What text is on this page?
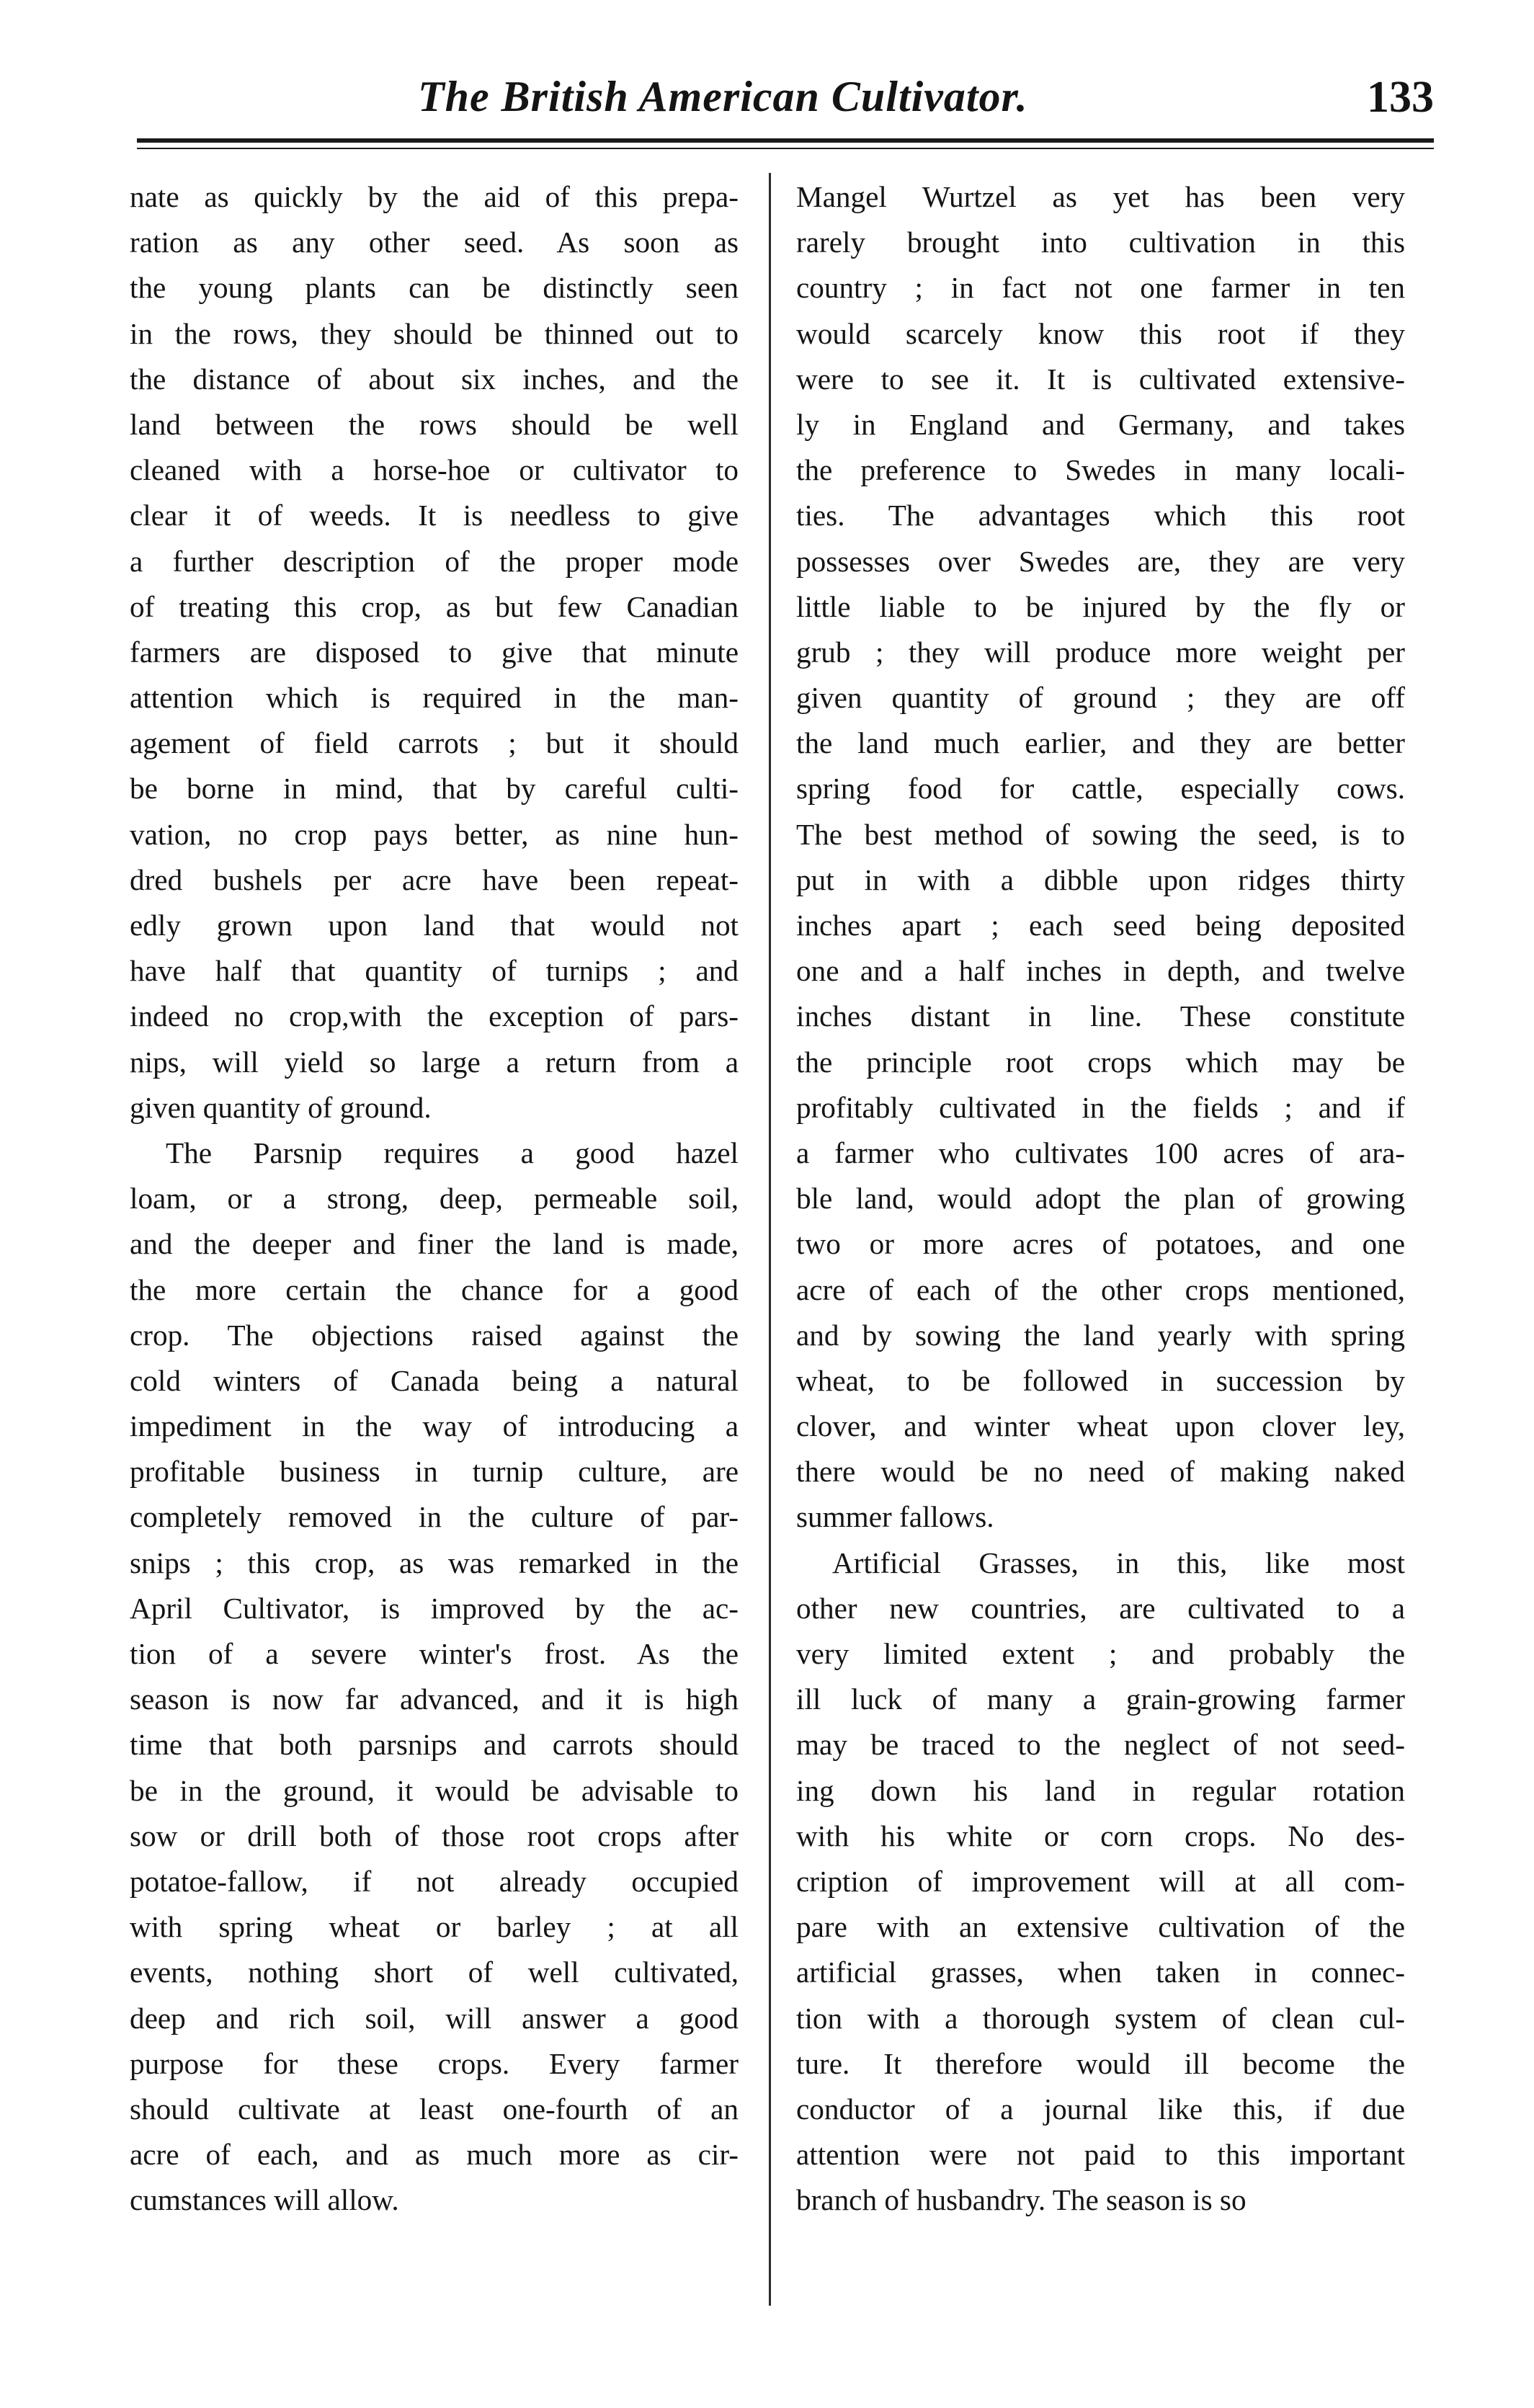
The British American Cultivator.	133
nate as quickly by the aid of this prepa-
ration as any other seed. As soon as
the young plants can be distinctly seen
in the rows, they should be thinned out to
the distance of about six inches, and the
land between the rows should be well
cleaned with a horse-hoe or cultivator to
clear it of weeds. It is needless to give
a further description of the proper mode
of treating this crop, as but few Canadian
farmers are disposed to give that minute
attention which is required in the man-
agement of field carrots ; but it should
be borne in mind, that by careful culti-
vation, no crop pays better, as nine hun-
dred bushels per acre have been repeat-
edly grown upon land that would not
have half that quantity of turnips ; and
indeed no crop,with the exception of pars-
nips, will yield so large a return from a
given quantity of ground.
The Parsnip requires a good hazel
loam, or a strong, deep, permeable soil,
and the deeper and finer the land is made,
the more certain the chance for a good
crop. The objections raised against the
cold winters of Canada being a natural
impediment in the way of introducing a
profitable business in turnip culture, are
completely removed in the culture of par-
snips ; this crop, as was remarked in the
April Cultivator, is improved by the ac-
tion of a severe winter's frost. As the
season is now far advanced, and it is high
time that both parsnips and carrots should
be in the ground, it would be advisable to
sow or drill both of those root crops after
potatoe-fallow, if not already occupied
with spring wheat or barley ; at all
events, nothing short of well cultivated,
deep and rich soil, will answer a good
purpose for these crops. Every farmer
should cultivate at least one-fourth of an
acre of each, and as much more as cir-
cumstances will allow.
Mangel Wurtzel as yet has been very
rarely brought into cultivation in this
country ; in fact not one farmer in ten
would scarcely know this root if they
were to see it. It is cultivated extensive-
ly in England and Germany, and takes
the preference to Swedes in many locali-
ties. The advantages which this root
possesses over Swedes are, they are very
little liable to be injured by the fly or
grub ; they will produce more weight per
given quantity of ground ; they are off
the land much earlier, and they are better
spring food for cattle, especially cows.
The best method of sowing the seed, is to
put in with a dibble upon ridges thirty
inches apart ; each seed being deposited
one and a half inches in depth, and twelve
inches distant in line. These constitute
the principle root crops which may be
profitably cultivated in the fields ; and if
a farmer who cultivates 100 acres of ara-
ble land, would adopt the plan of growing
two or more acres of potatoes, and one
acre of each of the other crops mentioned,
and by sowing the land yearly with spring
wheat, to be followed in succession by
clover, and winter wheat upon clover ley,
there would be no need of making naked
summer fallows.
Artificial Grasses, in this, like most
other new countries, are cultivated to a
very limited extent ; and probably the
ill luck of many a grain-growing farmer
may be traced to the neglect of not seed-
ing down his land in regular rotation
with his white or corn crops. No des-
cription of improvement will at all com-
pare with an extensive cultivation of the
artificial grasses, when taken in connec-
tion with a thorough system of clean cul-
ture. It therefore would ill become the
conductor of a journal like this, if due
attention were not paid to this important
branch of husbandry. The season is so
